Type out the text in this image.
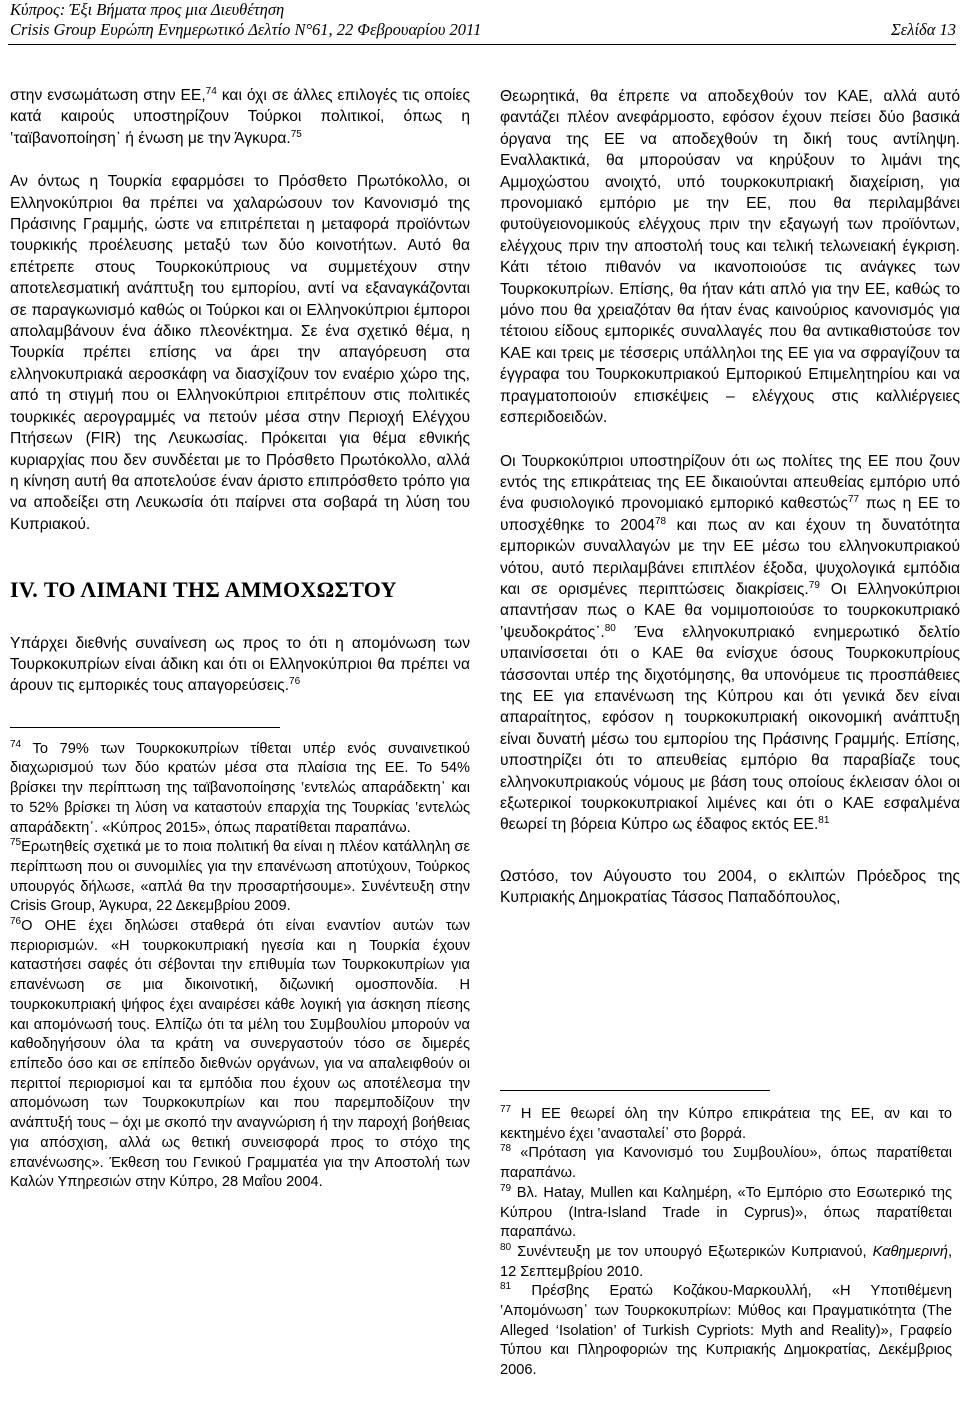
Κύπρος: Έξι Βήματα προς μια Διευθέτηση
Crisis Group Ευρώπη Ενημερωτικό Δελτίο N°61, 22 Φεβρουαρίου 2011	Σελίδα 13

στην ενσωμάτωση στην ΕΕ,$^{74}$ και όχι σε άλλες επιλογές τις οποίες κατά καιρούς υποστηρίζουν Τούρκοι πολιτικοί, όπως η ‛ταϊβανοποίηση᾽ ή ένωση με την Άγκυρα.$^{75}$

Αν όντως η Τουρκία εφαρμόσει το Πρόσθετο Πρωτόκολλο, οι Ελληνοκύπριοι θα πρέπει να χαλαρώσουν τον Κανονισμό της Πράσινης Γραμμής, ώστε να επιτρέπεται η μεταφορά προϊόντων τουρκικής προέλευσης μεταξύ των δύο κοινοτήτων. Αυτό θα επέτρεπε στους Τουρκοκύπριους να συμμετέχουν στην αποτελεσματική ανάπτυξη του εμπορίου, αντί να εξαναγκάζονται σε παραγκωνισμό καθώς οι Τούρκοι και οι Ελληνοκύπριοι έμποροι απολαμβάνουν ένα άδικο πλεονέκτημα. Σε ένα σχετικό θέμα, η Τουρκία πρέπει επίσης να άρει την απαγόρευση στα ελληνοκυπριακά αεροσκάφη να διασχίζουν τον εναέριο χώρο της, από τη στιγμή που οι Ελληνοκύπριοι επιτρέπουν στις πολιτικές τουρκικές αερογραμμές να πετούν μέσα στην Περιοχή Ελέγχου Πτήσεων (FIR) της Λευκωσίας. Πρόκειται για θέμα εθνικής κυριαρχίας που δεν συνδέεται με το Πρόσθετο Πρωτόκολλο, αλλά η κίνηση αυτή θα αποτελούσε έναν άριστο επιπρόσθετο τρόπο για να αποδείξει στη Λευκωσία ότι παίρνει στα σοβαρά τη λύση του Κυπριακού.

IV. ΤΟ ΛΙΜΑΝΙ ΤΗΣ ΑΜΜΟΧΩΣΤΟΥ

Υπάρχει διεθνής συναίνεση ως προς το ότι η απομόνωση των Τουρκοκυπρίων είναι άδικη και ότι οι Ελληνοκύπριοι θα πρέπει να άρουν τις εμπορικές τους απαγορεύσεις.$^{76}$

$^{74}$ Το 79% των Τουρκοκυπρίων τίθεται υπέρ ενός συναινετικού διαχωρισμού των δύο κρατών μέσα στα πλαίσια της ΕΕ. Το 54% βρίσκει την περίπτωση της ταϊβανοποίησης ‛εντελώς απαράδεκτη᾽ και το 52% βρίσκει τη λύση να καταστούν επαρχία της Τουρκίας ‛εντελώς απαράδεκτη᾽. «Κύπρος 2015», όπως παρατίθεται παραπάνω.

$^{75}$Ερωτηθείς σχετικά με το ποια πολιτική θα είναι η πλέον κατάλληλη σε περίπτωση που οι συνομιλίες για την επανένωση αποτύχουν, Τούρκος υπουργός δήλωσε, «απλά θα την προσαρτήσουμε». Συνέντευξη στην Crisis Group, Άγκυρα, 22 Δεκεμβρίου 2009.

$^{76}$Ο ΟΗΕ έχει δηλώσει σταθερά ότι είναι εναντίον αυτών των περιορισμών. «Η τουρκοκυπριακή ηγεσία και η Τουρκία έχουν καταστήσει σαφές ότι σέβονται την επιθυμία των Τουρκοκυπρίων για επανένωση σε μια δικοινοτική, διζωνική ομοσπονδία. Η τουρκοκυπριακή ψήφος έχει αναιρέσει κάθε λογική για άσκηση πίεσης και απομόνωσή τους. Ελπίζω ότι τα μέλη του Συμβουλίου μπορούν να καθοδηγήσουν όλα τα κράτη να συνεργαστούν τόσο σε διμερές επίπεδο όσο και σε επίπεδο διεθνών οργάνων, για να απαλειφθούν οι περιττοί περιορισμοί και τα εμπόδια που έχουν ως αποτέλεσμα την απομόνωση των Τουρκοκυπρίων και που παρεμποδίζουν την ανάπτυξή τους – όχι με σκοπό την αναγνώριση ή την παροχή βοήθειας για απόσχιση, αλλά ως θετική συνεισφορά προς το στόχο της επανένωσης». Έκθεση του Γενικού Γραμματέα για την Αποστολή των Καλών Υπηρεσιών στην Κύπρο, 28 Μαΐου 2004.

Θεωρητικά, θα έπρεπε να αποδεχθούν τον ΚΑΕ, αλλά αυτό φαντάζει πλέον ανεφάρμοστο, εφόσον έχουν πείσει δύο βασικά όργανα της ΕΕ να αποδεχθούν τη δική τους αντίληψη. Εναλλακτικά, θα μπορούσαν να κηρύξουν το λιμάνι της Αμμοχώστου ανοιχτό, υπό τουρκοκυπριακή διαχείριση, για προνομιακό εμπόριο με την ΕΕ, που θα περιλαμβάνει φυτοϋγειονομικούς ελέγχους πριν την εξαγωγή των προϊόντων, ελέγχους πριν την αποστολή τους και τελική τελωνειακή έγκριση. Κάτι τέτοιο πιθανόν να ικανοποιούσε τις ανάγκες των Τουρκοκυπρίων. Επίσης, θα ήταν κάτι απλό για την ΕΕ, καθώς το μόνο που θα χρειαζόταν θα ήταν ένας καινούριος κανονισμός για τέτοιου είδους εμπορικές συναλλαγές που θα αντικαθιστούσε τον ΚΑΕ και τρεις με τέσσερις υπάλληλοι της ΕΕ για να σφραγίζουν τα έγγραφα του Τουρκοκυπριακού Εμπορικού Επιμελητηρίου και να πραγματοποιούν επισκέψεις – ελέγχους στις καλλιέργειες εσπεριδοειδών.

Οι Τουρκοκύπριοι υποστηρίζουν ότι ως πολίτες της ΕΕ που ζουν εντός της επικράτειας της ΕΕ δικαιούνται απευθείας εμπόριο υπό ένα φυσιολογικό προνομιακό εμπορικό καθεστώς$^{77}$ πως η ΕΕ το υποσχέθηκε το 2004$^{78}$ και πως αν και έχουν τη δυνατότητα εμπορικών συναλλαγών με την ΕΕ μέσω του ελληνοκυπριακού νότου, αυτό περιλαμβάνει επιπλέον έξοδα, ψυχολογικά εμπόδια και σε ορισμένες περιπτώσεις διακρίσεις.$^{79}$ Οι Ελληνοκύπριοι απαντήσαν πως ο ΚΑΕ θα νομιμοποιούσε το τουρκοκυπριακό ‛ψευδοκράτος᾽.$^{80}$ Ένα ελληνοκυπριακό ενημερωτικό δελτίο υπαινίσσεται ότι ο ΚΑΕ θα ενίσχυε όσους Τουρκοκυπρίους τάσσονται υπέρ της διχοτόμησης, θα υπονόμευε τις προσπάθειες της ΕΕ για επανένωση της Κύπρου και ότι γενικά δεν είναι απαραίτητος, εφόσον η τουρκοκυπριακή οικονομική ανάπτυξη είναι δυνατή μέσω του εμπορίου της Πράσινης Γραμμής. Επίσης, υποστηρίζει ότι το απευθείας εμπόριο θα παραβίαζε τους ελληνοκυπριακούς νόμους με βάση τους οποίους έκλεισαν όλοι οι εξωτερικοί τουρκοκυπριακοί λιμένες και ότι ο ΚΑΕ εσφαλμένα θεωρεί τη βόρεια Κύπρο ως έδαφος εκτός ΕΕ.$^{81}$

Ωστόσο, τον Αύγουστο του 2004, ο εκλιπών Πρόεδρος της Κυπριακής Δημοκρατίας Τάσσος Παπαδόπουλος,

$^{77}$ Η ΕΕ θεωρεί όλη την Κύπρο επικράτεια της ΕΕ, αν και το κεκτημένο έχει ‛ανασταλεί᾽ στο βορρά.

$^{78}$ «Πρόταση για Κανονισμό του Συμβουλίου», όπως παρατίθεται παραπάνω.

$^{79}$ Βλ. Hatay, Mullen και Καλημέρη, «Το Εμπόριο στο Εσωτερικό της Κύπρου (Intra-Island Trade in Cyprus)», όπως παρατίθεται παραπάνω.

$^{80}$ Συνέντευξη με τον υπουργό Εξωτερικών Κυπριανού, Καθημερινή, 12 Σεπτεμβρίου 2010.

$^{81}$ Πρέσβης Ερατώ Κοζάκου-Μαρκουλλή, «Η Υποτιθέμενη ‛Απομόνωση᾽ των Τουρκοκυπρίων: Μύθος και Πραγματικότητα (The Alleged ‘Isolation’ of Turkish Cypriots: Myth and Reality)», Γραφείο Τύπου και Πληροφοριών της Κυπριακής Δημοκρατίας, Δεκέμβριος 2006.
